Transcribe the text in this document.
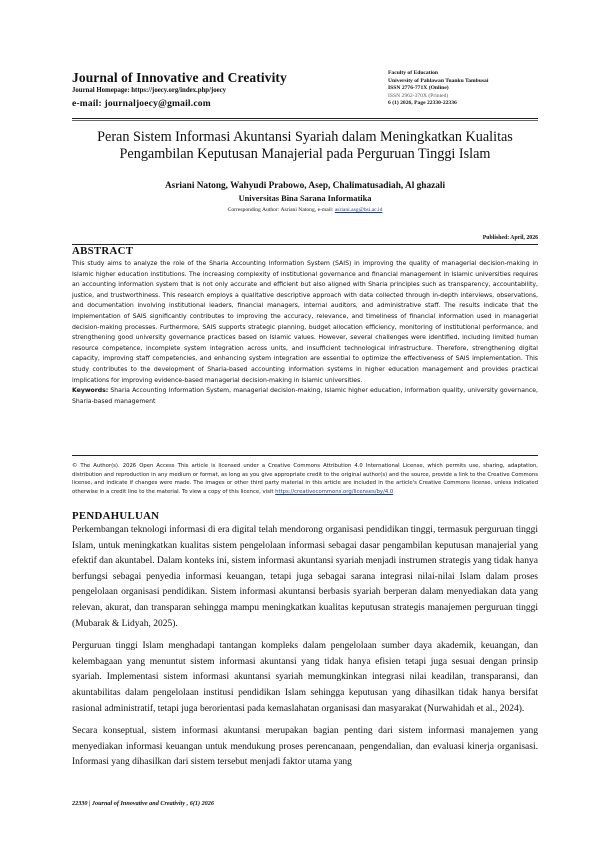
Journal of Innovative and Creativity
Journal Homepage: https://joecy.org/index.php/joecy
e-mail: journaljoecy@gmail.com
Faculty of Education
University of Pahlawan Tuanku Tambusai
ISSN 2776-771X (Online)
ISSN 2962-370X (Printed)
6 (1) 2026, Page 22330-22336
Peran Sistem Informasi Akuntansi Syariah dalam Meningkatkan Kualitas Pengambilan Keputusan Manajerial pada Perguruan Tinggi Islam
Asriani Natong, Wahyudi Prabowo, Asep, Chalimatusadiah, Al ghazali
Universitas Bina Sarana Informatika
Corresponding Author: Asriani Natong, e-mail: asriani.asg@bsi.ac.id
Published: April, 2026
ABSTRACT

This study aims to analyze the role of the Sharia Accounting Information System (SAIS) in improving the quality of managerial decision-making in Islamic higher education institutions. The increasing complexity of institutional governance and financial management in Islamic universities requires an accounting information system that is not only accurate and efficient but also aligned with Sharia principles such as transparency, accountability, justice, and trustworthiness. This research employs a qualitative descriptive approach with data collected through in-depth interviews, observations, and documentation involving institutional leaders, financial managers, internal auditors, and administrative staff. The results indicate that the implementation of SAIS significantly contributes to improving the accuracy, relevance, and timeliness of financial information used in managerial decision-making processes. Furthermore, SAIS supports strategic planning, budget allocation efficiency, monitoring of institutional performance, and strengthening good university governance practices based on Islamic values. However, several challenges were identified, including limited human resource competence, incomplete system integration across units, and insufficient technological infrastructure. Therefore, strengthening digital capacity, improving staff competencies, and enhancing system integration are essential to optimize the effectiveness of SAIS implementation. This study contributes to the development of Sharia-based accounting information systems in higher education management and provides practical implications for improving evidence-based managerial decision-making in Islamic universities.

Keywords: Sharia Accounting Information System, managerial decision-making, Islamic higher education, information quality, university governance, Sharia-based management

© The Author(s). 2026 Open Access This article is licensed under a Creative Commons Attribution 4.0 International License, which permits use, sharing, adaptation, distribution and reproduction in any medium or format, as long as you give appropriate credit to the original author(s) and the source, provide a link to the Creative Commons license, and indicate if changes were made. The images or other third party material in this article are included in the article's Creative Commons license, unless indicated otherwise in a credit line to the material. To view a copy of this licence, visit https://creativecommons.org/licenses/by/4.0
PENDAHULUAN

Perkembangan teknologi informasi di era digital telah mendorong organisasi pendidikan tinggi, termasuk perguruan tinggi Islam, untuk meningkatkan kualitas sistem pengelolaan informasi sebagai dasar pengambilan keputusan manajerial yang efektif dan akuntabel. Dalam konteks ini, sistem informasi akuntansi syariah menjadi instrumen strategis yang tidak hanya berfungsi sebagai penyedia informasi keuangan, tetapi juga sebagai sarana integrasi nilai-nilai Islam dalam proses pengelolaan organisasi pendidikan. Sistem informasi akuntansi berbasis syariah berperan dalam menyediakan data yang relevan, akurat, dan transparan sehingga mampu meningkatkan kualitas keputusan strategis manajemen perguruan tinggi (Mubarak & Lidyah, 2025).

Perguruan tinggi Islam menghadapi tantangan kompleks dalam pengelolaan sumber daya akademik, keuangan, dan kelembagaan yang menuntut sistem informasi akuntansi yang tidak hanya efisien tetapi juga sesuai dengan prinsip syariah. Implementasi sistem informasi akuntansi syariah memungkinkan integrasi nilai keadilan, transparansi, dan akuntabilitas dalam pengelolaan institusi pendidikan Islam sehingga keputusan yang dihasilkan tidak hanya bersifat rasional administratif, tetapi juga berorientasi pada kemaslahatan organisasi dan masyarakat (Nurwahidah et al., 2024).

Secara konseptual, sistem informasi akuntansi merupakan bagian penting dari sistem informasi manajemen yang menyediakan informasi keuangan untuk mendukung proses perencanaan, pengendalian, dan evaluasi kinerja organisasi. Informasi yang dihasilkan dari sistem tersebut menjadi faktor utama yang

22330 | Journal of Innovative and Creativity , 6(1) 2026
